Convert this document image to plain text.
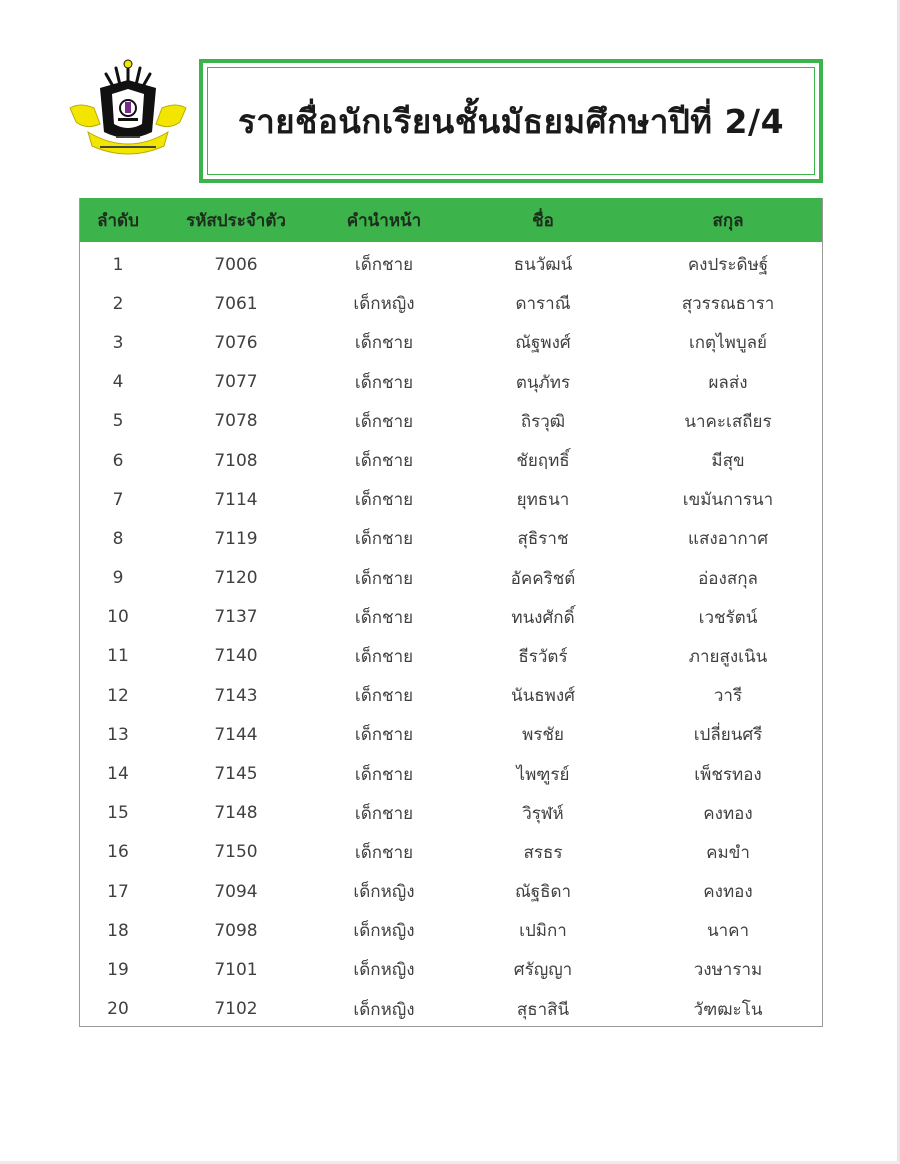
รายชื่อนักเรียนชั้นมัธยมศึกษาปีที่ 2/4
ลำดับ	รหัสประจำตัว	คำนำหน้า	ชื่อ	สกุล
1	7006	เด็กชาย	ธนวัฒน์	คงประดิษฐ์
2	7061	เด็กหญิง	ดาราณี	สุวรรณธารา
3	7076	เด็กชาย	ณัฐพงศ์	เกตุไพบูลย์
4	7077	เด็กชาย	ตนุภัทร	ผลส่ง
5	7078	เด็กชาย	ถิรวุฒิ	นาคะเสถียร
6	7108	เด็กชาย	ชัยฤทธิ์	มีสุข
7	7114	เด็กชาย	ยุทธนา	เขมันการนา
8	7119	เด็กชาย	สุธิราช	แสงอากาศ
9	7120	เด็กชาย	อัคคริชต์	อ่องสกุล
10	7137	เด็กชาย	ทนงศักดิ์	เวชรัตน์
11	7140	เด็กชาย	ธีรวัตร์	ภายสูงเนิน
12	7143	เด็กชาย	นันธพงศ์	วารี
13	7144	เด็กชาย	พรชัย	เปลี่ยนศรี
14	7145	เด็กชาย	ไพฑูรย์	เพ็ชรทอง
15	7148	เด็กชาย	วิรุฬห์	คงทอง
16	7150	เด็กชาย	สรธร	คมขำ
17	7094	เด็กหญิง	ณัฐธิดา	คงทอง
18	7098	เด็กหญิง	เปมิกา	นาคา
19	7101	เด็กหญิง	ศรัญญา	วงษาราม
20	7102	เด็กหญิง	สุธาสินี	วัฑฒะโน
